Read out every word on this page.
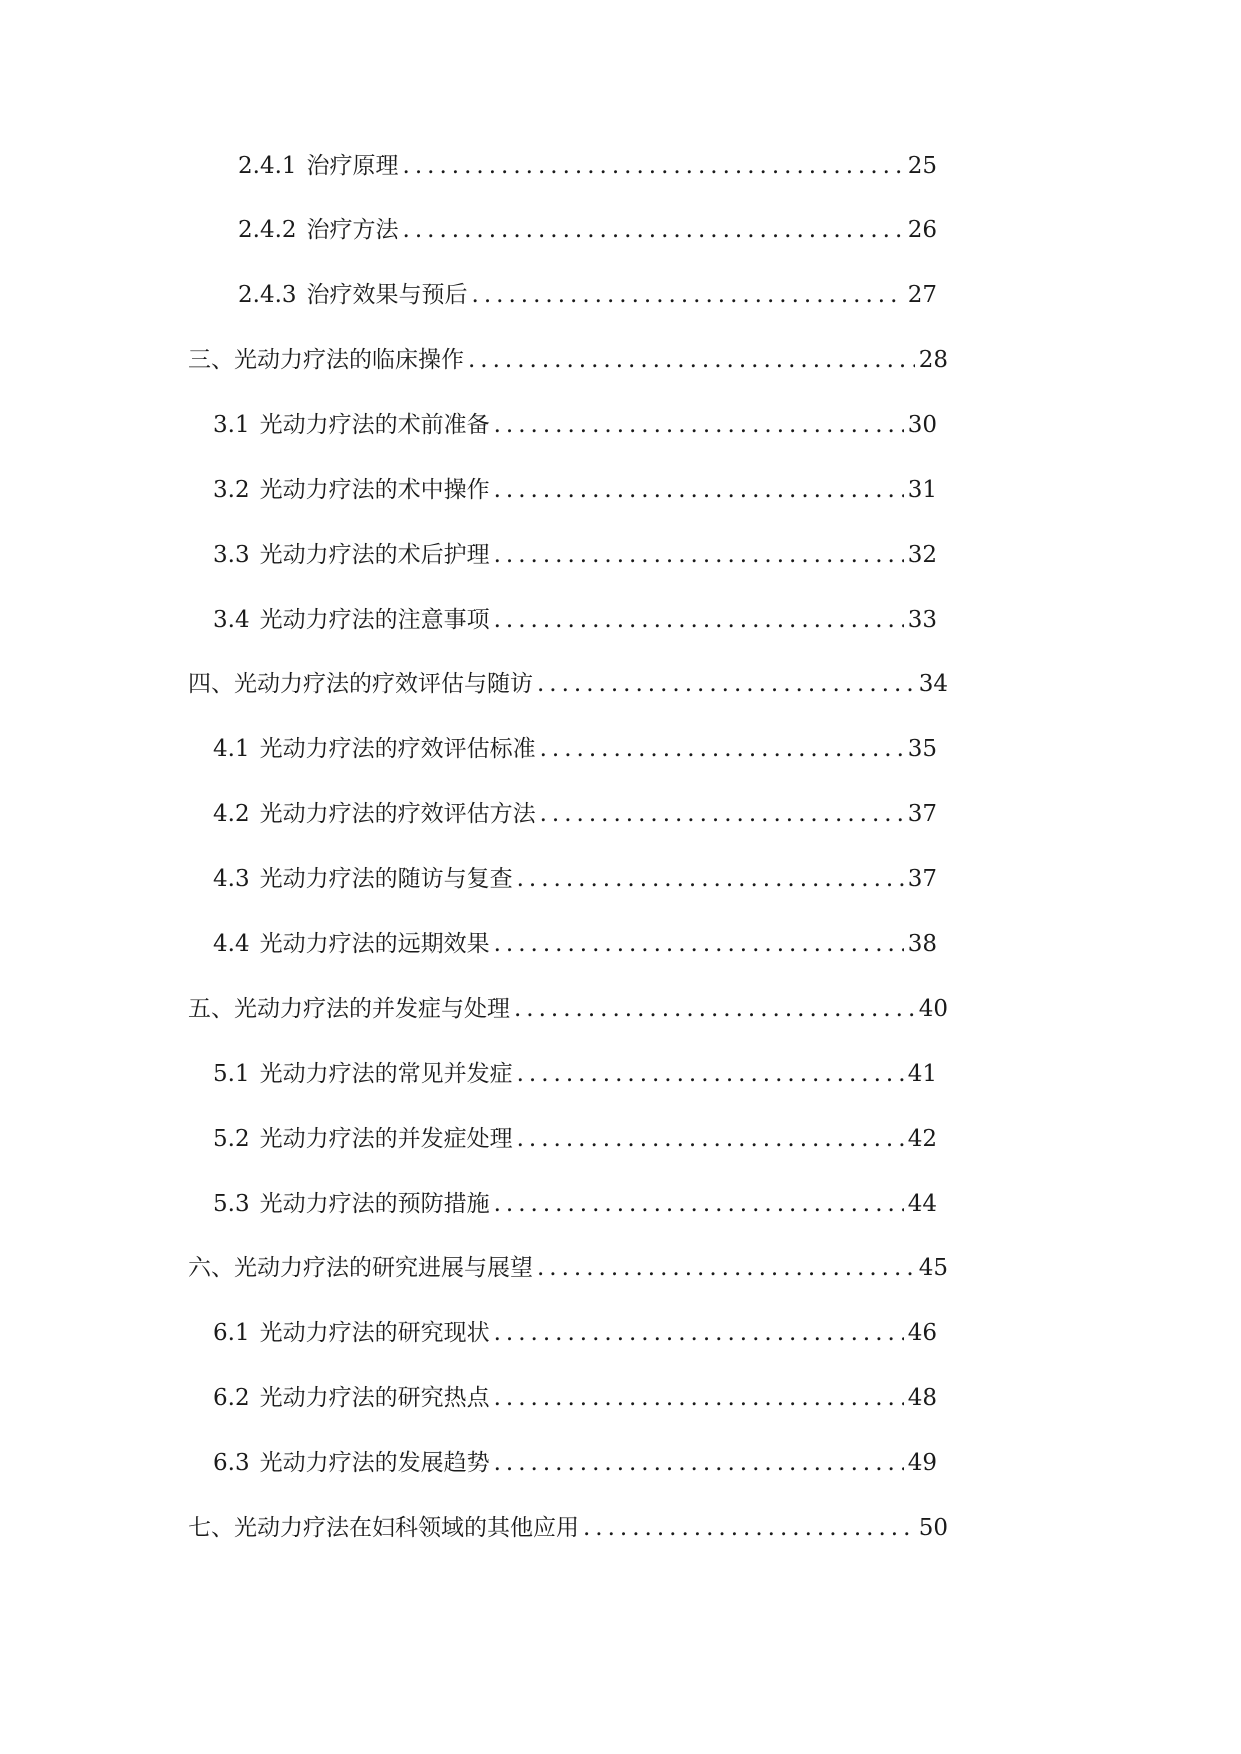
2.4.1 治疗原理 .....	25
2.4.2 治疗方法 .....	26
2.4.3 治疗效果与预后 .....	27
三、光动力疗法的临床操作 .....	28
3.1 光动力疗法的术前准备 .....	30
3.2 光动力疗法的术中操作 .....	31
3.3 光动力疗法的术后护理 .....	32
3.4 光动力疗法的注意事项 .....	33
四、光动力疗法的疗效评估与随访 .....	34
4.1 光动力疗法的疗效评估标准 .....	35
4.2 光动力疗法的疗效评估方法 .....	37
4.3 光动力疗法的随访与复查 .....	37
4.4 光动力疗法的远期效果 .....	38
五、光动力疗法的并发症与处理 .....	40
5.1 光动力疗法的常见并发症 .....	41
5.2 光动力疗法的并发症处理 .....	42
5.3 光动力疗法的预防措施 .....	44
六、光动力疗法的研究进展与展望 .....	45
6.1 光动力疗法的研究现状 .....	46
6.2 光动力疗法的研究热点 .....	48
6.3 光动力疗法的发展趋势 .....	49
七、光动力疗法在妇科领域的其他应用 .....	50
